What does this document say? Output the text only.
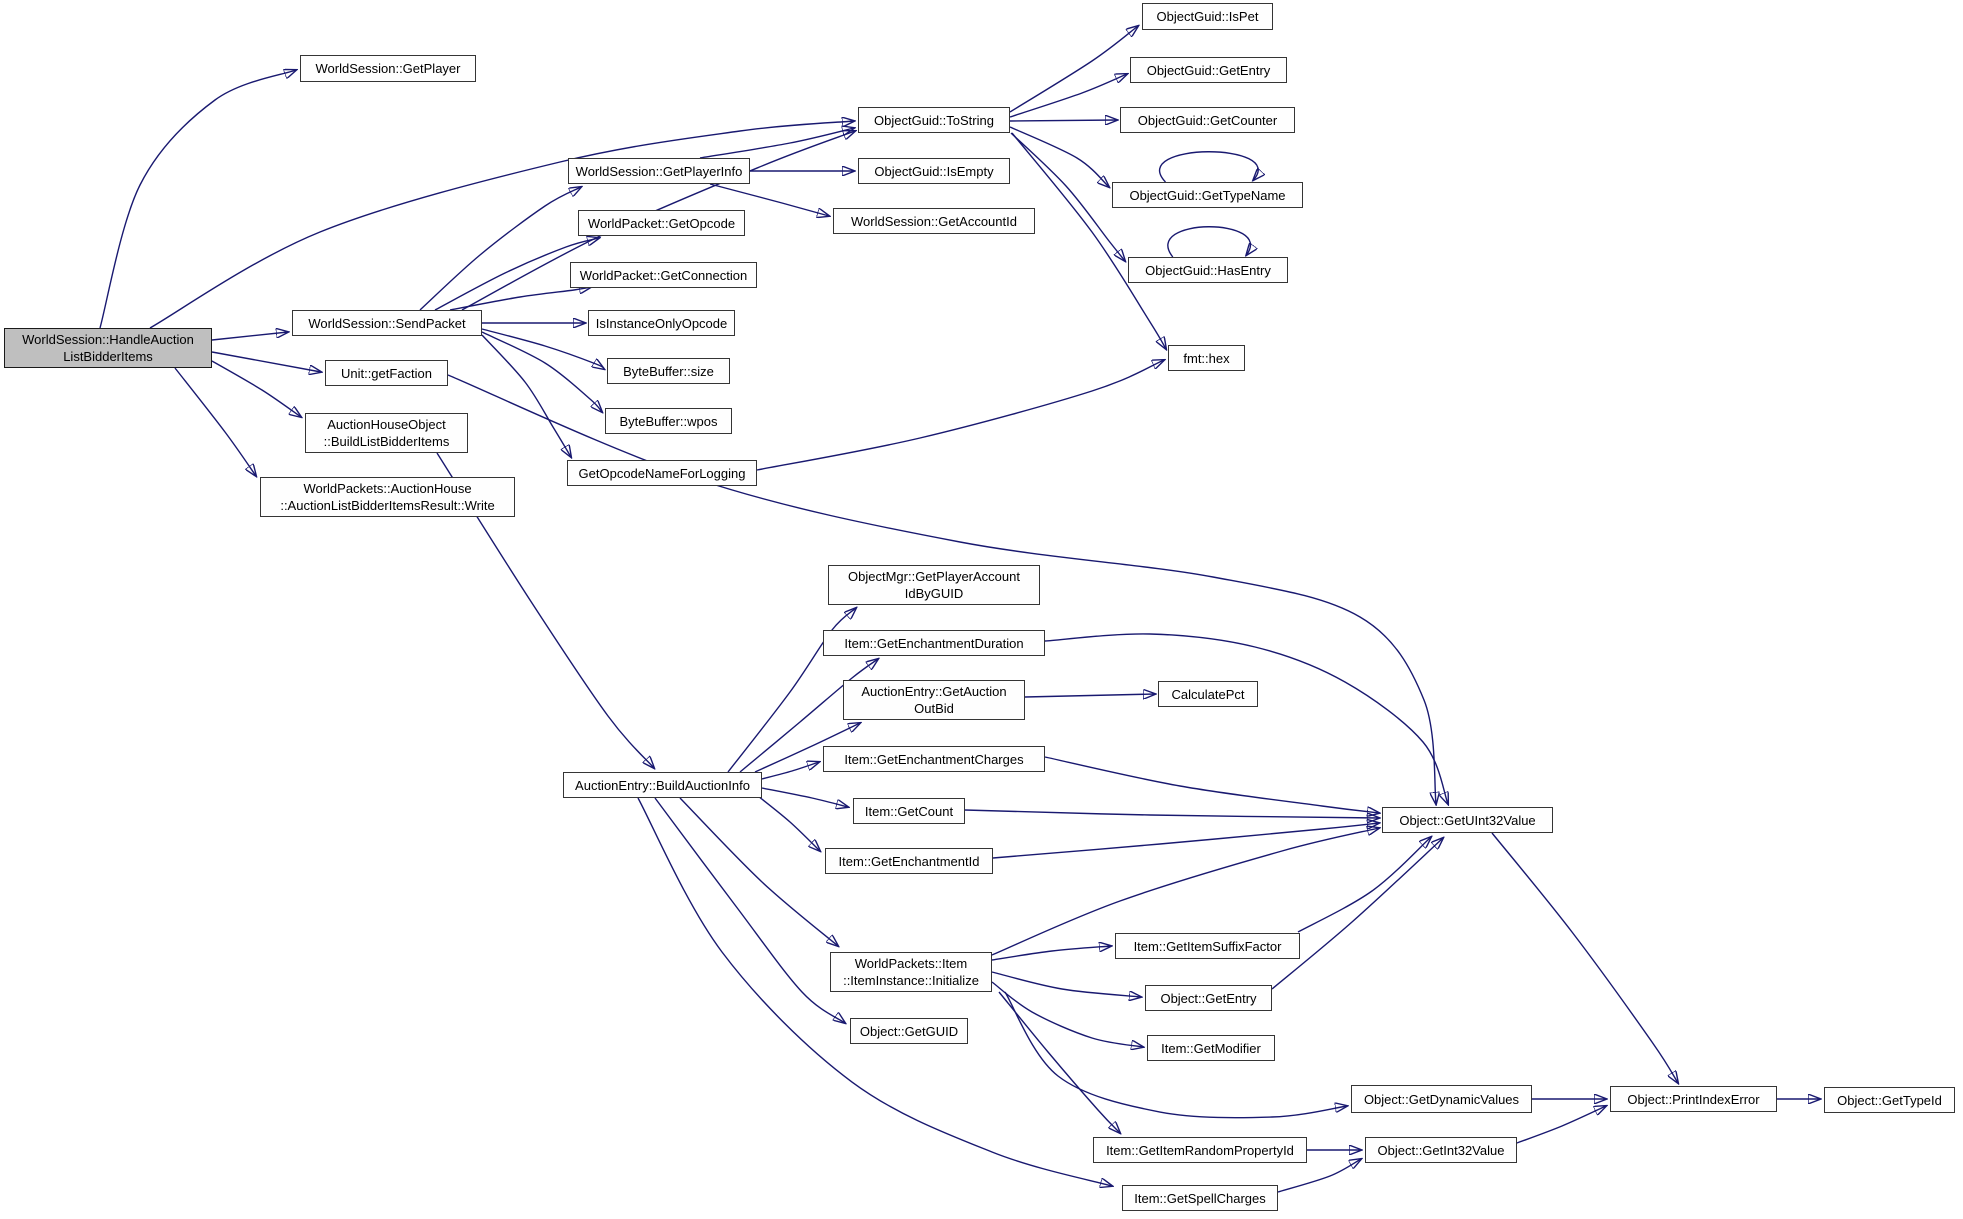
WorldSession::HandleAuction
ListBidderItems
WorldSession::GetPlayer
WorldSession::SendPacket
Unit::getFaction
AuctionHouseObject
::BuildListBidderItems
WorldPackets::AuctionHouse
::AuctionListBidderItemsResult::Write
WorldSession::GetPlayerInfo
WorldPacket::GetOpcode
WorldPacket::GetConnection
IsInstanceOnlyOpcode
ByteBuffer::size
ByteBuffer::wpos
GetOpcodeNameForLogging
ObjectGuid::ToString
ObjectGuid::IsEmpty
WorldSession::GetAccountId
ObjectGuid::IsPet
ObjectGuid::GetEntry
ObjectGuid::GetCounter
ObjectGuid::GetTypeName
ObjectGuid::HasEntry
fmt::hex
AuctionEntry::BuildAuctionInfo
ObjectMgr::GetPlayerAccount
IdByGUID
Item::GetEnchantmentDuration
AuctionEntry::GetAuction
OutBid
CalculatePct
Item::GetEnchantmentCharges
Item::GetCount
Item::GetEnchantmentId
WorldPackets::Item
::ItemInstance::Initialize
Object::GetGUID
Object::GetUInt32Value
Item::GetItemSuffixFactor
Object::GetEntry
Item::GetModifier
Object::GetDynamicValues
Item::GetItemRandomPropertyId	Object::GetInt32Value
Item::GetSpellCharges
Object::PrintIndexError	Object::GetTypeId
